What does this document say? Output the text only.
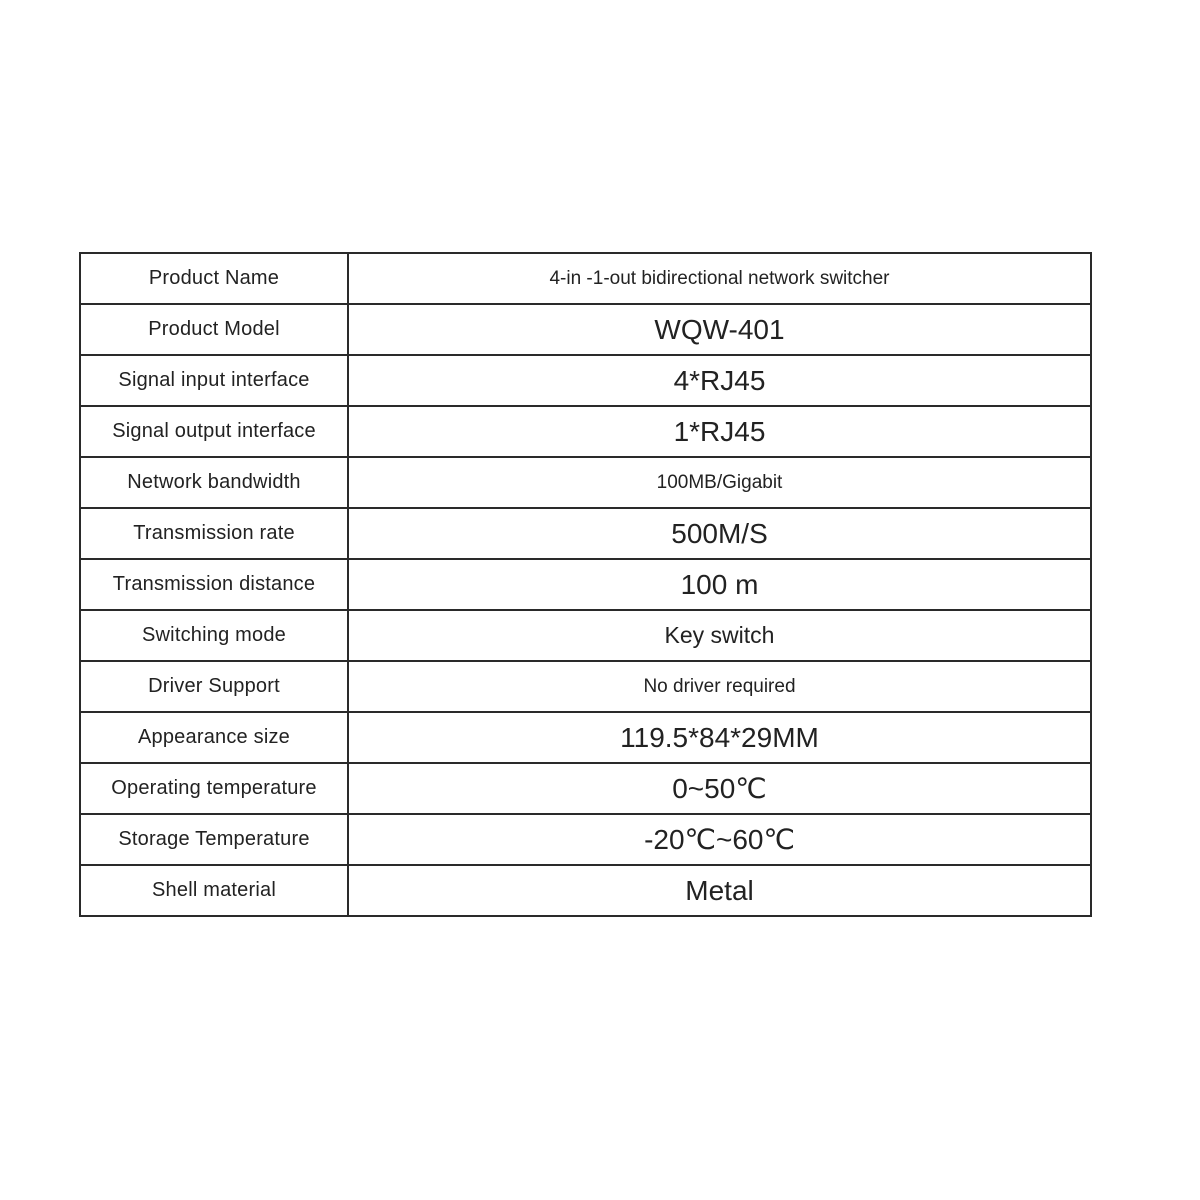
Product Name	4-in -1-out bidirectional network switcher
Product Model	WQW-401
Signal input interface	4*RJ45
Signal output interface	1*RJ45
Network bandwidth	100MB/Gigabit
Transmission rate	500M/S
Transmission distance	100 m
Switching mode	Key switch
Driver Support	No driver required
Appearance size	119.5*84*29MM
Operating temperature	0~50℃
Storage Temperature	-20℃~60℃
Shell material	Metal
